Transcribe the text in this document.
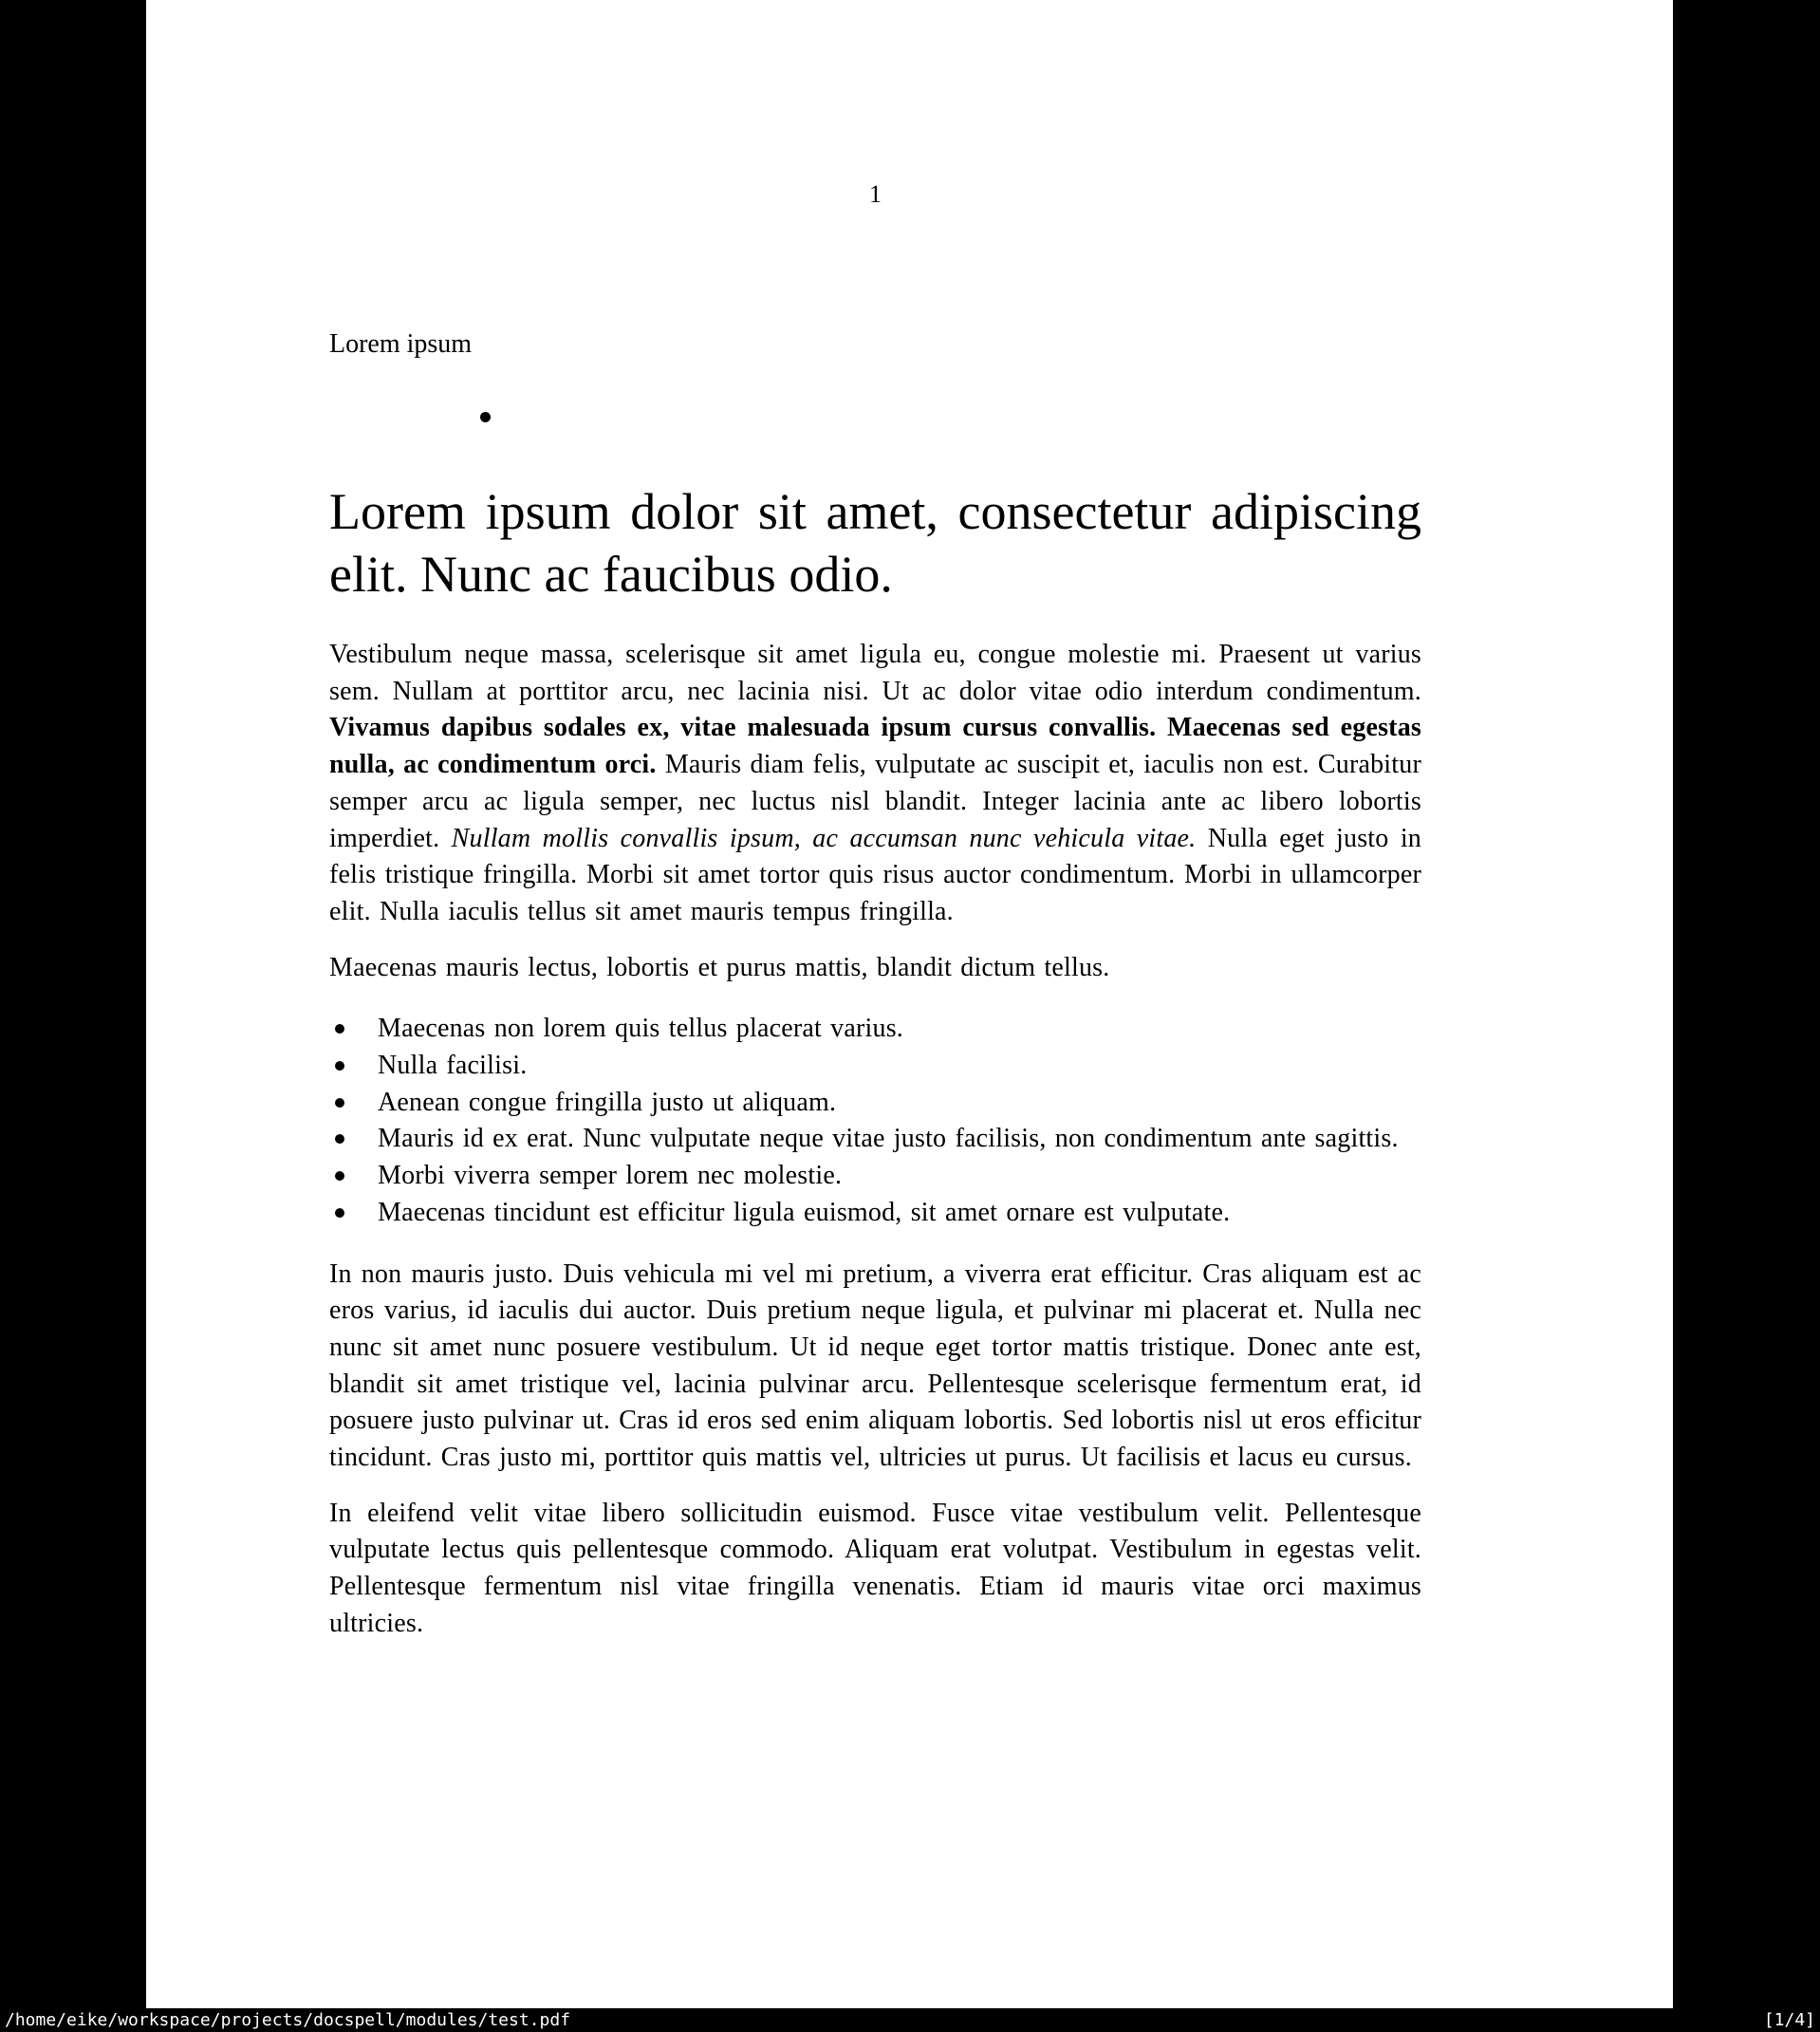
1
Lorem ipsum
Lorem ipsum dolor sit amet, consectetur adipiscing elit. Nunc ac faucibus odio.

Vestibulum neque massa, scelerisque sit amet ligula eu, congue molestie mi. Praesent ut varius sem. Nullam at porttitor arcu, nec lacinia nisi. Ut ac dolor vitae odio interdum condimentum. Vivamus dapibus sodales ex, vitae malesuada ipsum cursus convallis. Maecenas sed egestas nulla, ac condimentum orci. Mauris diam felis, vulputate ac suscipit et, iaculis non est. Curabitur semper arcu ac ligula semper, nec luctus nisl blandit. Integer lacinia ante ac libero lobortis imperdiet. Nullam mollis convallis ipsum, ac accumsan nunc vehicula vitae. Nulla eget justo in felis tristique fringilla. Morbi sit amet tortor quis risus auctor condimentum. Morbi in ullamcorper elit. Nulla iaculis tellus sit amet mauris tempus fringilla.

Maecenas mauris lectus, lobortis et purus mattis, blandit dictum tellus.

Maecenas non lorem quis tellus placerat varius.
Nulla facilisi.
Aenean congue fringilla justo ut aliquam.
Mauris id ex erat. Nunc vulputate neque vitae justo facilisis, non condimentum ante sagittis.
Morbi viverra semper lorem nec molestie.
Maecenas tincidunt est efficitur ligula euismod, sit amet ornare est vulputate.

In non mauris justo. Duis vehicula mi vel mi pretium, a viverra erat efficitur. Cras aliquam est ac eros varius, id iaculis dui auctor. Duis pretium neque ligula, et pulvinar mi placerat et. Nulla nec nunc sit amet nunc posuere vestibulum. Ut id neque eget tortor mattis tristique. Donec ante est, blandit sit amet tristique vel, lacinia pulvinar arcu. Pellentesque scelerisque fermentum erat, id posuere justo pulvinar ut. Cras id eros sed enim aliquam lobortis. Sed lobortis nisl ut eros efficitur tincidunt. Cras justo mi, porttitor quis mattis vel, ultricies ut purus. Ut facilisis et lacus eu cursus.

In eleifend velit vitae libero sollicitudin euismod. Fusce vitae vestibulum velit. Pellentesque vulputate lectus quis pellentesque commodo. Aliquam erat volutpat. Vestibulum in egestas velit. Pellentesque fermentum nisl vitae fringilla venenatis. Etiam id mauris vitae orci maximus ultricies.

/home/eike/workspace/projects/docspell/modules/test.pdf	[1/4]
